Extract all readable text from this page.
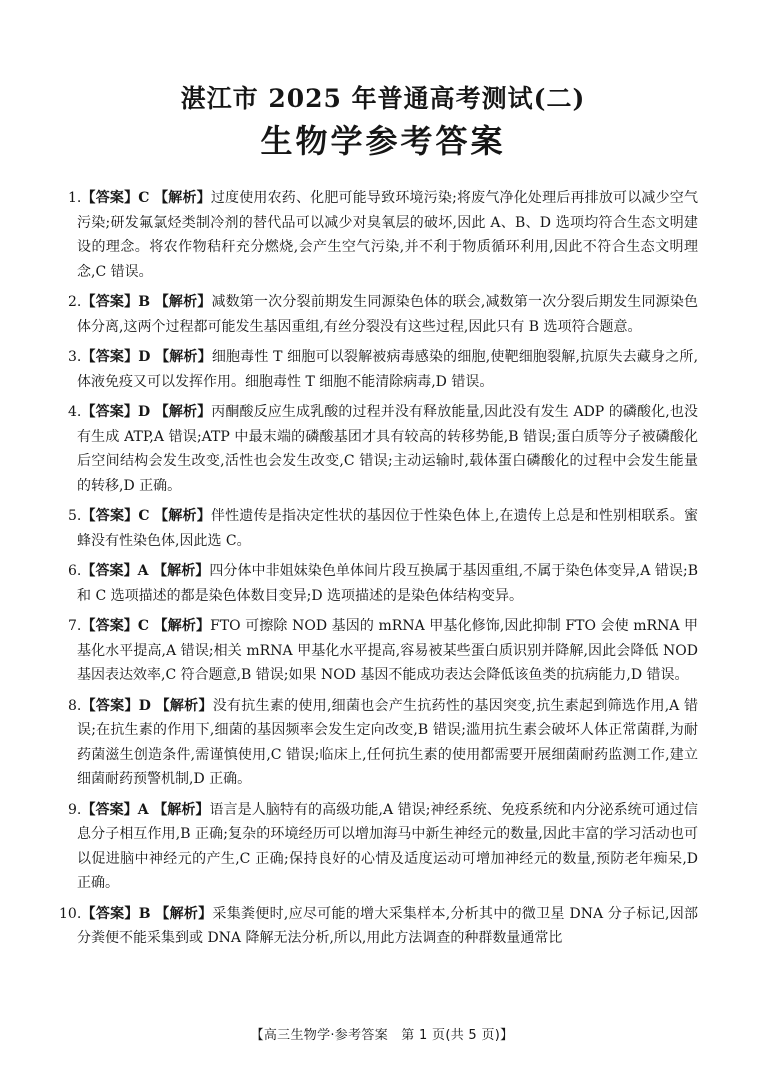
湛江市 2025 年普通高考测试(二)
生物学参考答案

1.【答案】C 【解析】过度使用农药、化肥可能导致环境污染;将废气净化处理后再排放可以减少空气污染;研发氟氯烃类制冷剂的替代品可以减少对臭氧层的破坏,因此 A、B、D 选项均符合生态文明建设的理念。将农作物秸秆充分燃烧,会产生空气污染,并不利于物质循环利用,因此不符合生态文明理念,C 错误。

2.【答案】B 【解析】减数第一次分裂前期发生同源染色体的联会,减数第一次分裂后期发生同源染色体分离,这两个过程都可能发生基因重组,有丝分裂没有这些过程,因此只有 B 选项符合题意。

3.【答案】D 【解析】细胞毒性 T 细胞可以裂解被病毒感染的细胞,使靶细胞裂解,抗原失去藏身之所,体液免疫又可以发挥作用。细胞毒性 T 细胞不能清除病毒,D 错误。

4.【答案】D 【解析】丙酮酸反应生成乳酸的过程并没有释放能量,因此没有发生 ADP 的磷酸化,也没有生成 ATP,A 错误;ATP 中最末端的磷酸基团才具有较高的转移势能,B 错误;蛋白质等分子被磷酸化后空间结构会发生改变,活性也会发生改变,C 错误;主动运输时,载体蛋白磷酸化的过程中会发生能量的转移,D 正确。

5.【答案】C 【解析】伴性遗传是指决定性状的基因位于性染色体上,在遗传上总是和性别相联系。蜜蜂没有性染色体,因此选 C。

6.【答案】A 【解析】四分体中非姐妹染色单体间片段互换属于基因重组,不属于染色体变异,A 错误;B 和 C 选项描述的都是染色体数目变异;D 选项描述的是染色体结构变异。

7.【答案】C 【解析】FTO 可擦除 NOD 基因的 mRNA 甲基化修饰,因此抑制 FTO 会使 mRNA 甲基化水平提高,A 错误;相关 mRNA 甲基化水平提高,容易被某些蛋白质识别并降解,因此会降低 NOD 基因表达效率,C 符合题意,B 错误;如果 NOD 基因不能成功表达会降低该鱼类的抗病能力,D 错误。

8.【答案】D 【解析】没有抗生素的使用,细菌也会产生抗药性的基因突变,抗生素起到筛选作用,A 错误;在抗生素的作用下,细菌的基因频率会发生定向改变,B 错误;滥用抗生素会破坏人体正常菌群,为耐药菌滋生创造条件,需谨慎使用,C 错误;临床上,任何抗生素的使用都需要开展细菌耐药监测工作,建立细菌耐药预警机制,D 正确。

9.【答案】A 【解析】语言是人脑特有的高级功能,A 错误;神经系统、免疫系统和内分泌系统可通过信息分子相互作用,B 正确;复杂的环境经历可以增加海马中新生神经元的数量,因此丰富的学习活动也可以促进脑中神经元的产生,C 正确;保持良好的心情及适度运动可增加神经元的数量,预防老年痴呆,D 正确。

10.【答案】B 【解析】采集粪便时,应尽可能的增大采集样本,分析其中的微卫星 DNA 分子标记,因部分粪便不能采集到或 DNA 降解无法分析,所以,用此方法调查的种群数量通常比

【高三生物学·参考答案　第 1 页(共 5 页)】
